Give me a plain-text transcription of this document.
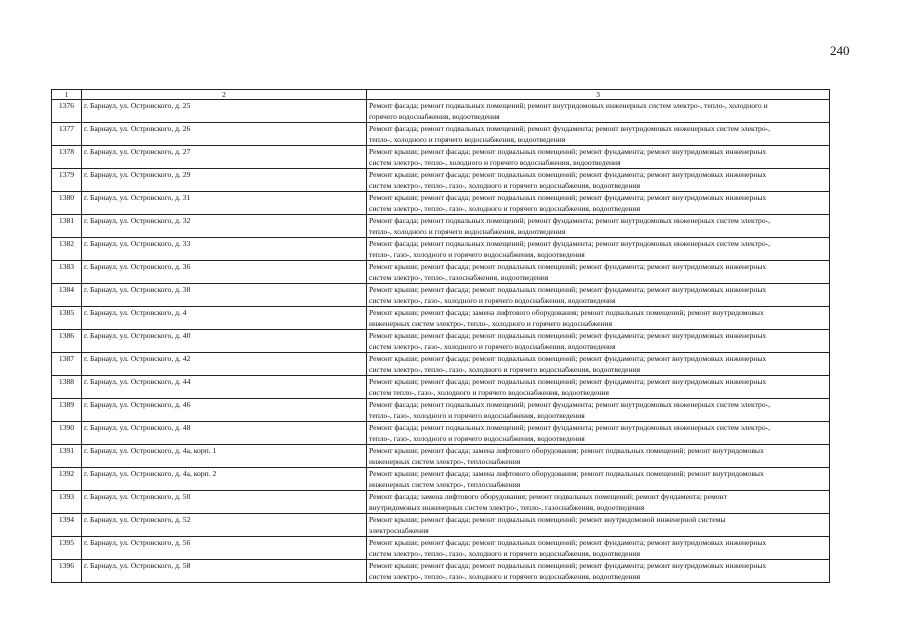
240
1	2	3
1376	г. Барнаул, ул. Островского, д. 25	Ремонт фасада; ремонт подвальных помещений; ремонт внутридомовых инженерных систем электро-, тепло-, холодного и
горячего водоснабжения, водоотведения

1377	г. Барнаул, ул. Островского, д. 26	Ремонт фасада; ремонт подвальных помещений; ремонт фундамента; ремонт внутридомовых инженерных систем электро-,
тепло-, холодного и горячего водоснабжения, водоотведения

1378	г. Барнаул, ул. Островского, д. 27	Ремонт крыши; ремонт фасада; ремонт подвальных помещений; ремонт фундамента; ремонт внутридомовых инженерных
систем электро-, тепло-, холодного и горячего водоснабжения, водоотведения

1379	г. Барнаул, ул. Островского, д. 29	Ремонт крыши; ремонт фасада; ремонт подвальных помещений; ремонт фундамента; ремонт внутридомовых инженерных
систем электро-, тепло-, газо-, холодного и горячего водоснабжения, водоотведения

1380	г. Барнаул, ул. Островского, д. 31	Ремонт крыши; ремонт фасада; ремонт подвальных помещений; ремонт фундамента; ремонт внутридомовых инженерных
систем электро-, тепло-, газо-, холодного и горячего водоснабжения, водоотведения

1381	г. Барнаул, ул. Островского, д. 32	Ремонт фасада; ремонт подвальных помещений; ремонт фундамента; ремонт внутридомовых инженерных систем электро-,
тепло-, холодного и горячего водоснабжения, водоотведения

1382	г. Барнаул, ул. Островского, д. 33	Ремонт фасада; ремонт подвальных помещений; ремонт фундамента; ремонт внутридомовых инженерных систем электро-,
тепло-, газо-, холодного и горячего водоснабжения, водоотведения

1383	г. Барнаул, ул. Островского, д. 36	Ремонт крыши; ремонт фасада; ремонт подвальных помещений; ремонт фундамента; ремонт внутридомовых инженерных
систем электро-, тепло-, газоснабжения, водоотведения

1384	г. Барнаул, ул. Островского, д. 38	Ремонт крыши; ремонт фасада; ремонт подвальных помещений; ремонт фундамента; ремонт внутридомовых инженерных
систем электро-, газо-, холодного и горячего водоснабжения, водоотведения

1385	г. Барнаул, ул. Островского, д. 4	Ремонт крыши; ремонт фасада; замена лифтового оборудования; ремонт подвальных помещений; ремонт внутридомовых
инженерных систем электро-, тепло-, холодного и горячего водоснабжения

1386	г. Барнаул, ул. Островского, д. 40	Ремонт крыши; ремонт фасада; ремонт подвальных помещений; ремонт фундамента; ремонт внутридомовых инженерных
систем электро-, газо-, холодного и горячего водоснабжения, водоотведения

1387	г. Барнаул, ул. Островского, д. 42	Ремонт крыши; ремонт фасада; ремонт подвальных помещений; ремонт фундамента; ремонт внутридомовых инженерных
систем электро-, тепло-, газо-, холодного и горячего водоснабжения, водоотведения

1388	г. Барнаул, ул. Островского, д. 44	Ремонт крыши; ремонт фасада; ремонт подвальных помещений; ремонт фундамента; ремонт внутридомовых инженерных
систем тепло-, газо-, холодного и горячего водоснабжения, водоотведения

1389	г. Барнаул, ул. Островского, д. 46	Ремонт фасада; ремонт подвальных помещений; ремонт фундамента; ремонт внутридомовых инженерных систем электро-,
тепло-, газо-, холодного и горячего водоснабжения, водоотведения

1390	г. Барнаул, ул. Островского, д. 48	Ремонт фасада; ремонт подвальных помещений; ремонт фундамента; ремонт внутридомовых инженерных систем электро-,
тепло-, газо-, холодного и горячего водоснабжения, водоотведения

1391	г. Барнаул, ул. Островского, д. 4а, корп. 1	Ремонт крыши; ремонт фасада; замена лифтового оборудования; ремонт подвальных помещений; ремонт внутридомовых
инженерных систем электро-, теплоснабжения

1392	г. Барнаул, ул. Островского, д. 4а, корп. 2	Ремонт крыши; ремонт фасада; замена лифтового оборудования; ремонт подвальных помещений; ремонт внутридомовых
инженерных систем электро-, теплоснабжения

1393	г. Барнаул, ул. Островского, д. 50	Ремонт фасада; замена лифтового оборудования; ремонт подвальных помещений; ремонт фундамента; ремонт
внутридомовых инженерных систем электро-, тепло-, газоснабжения, водоотведения

1394	г. Барнаул, ул. Островского, д. 52	Ремонт крыши; ремонт фасада; ремонт подвальных помещений; ремонт внутридомовой инженерной системы
электроснабжения

1395	г. Барнаул, ул. Островского, д. 56	Ремонт крыши; ремонт фасада; ремонт подвальных помещений; ремонт фундамента; ремонт внутридомовых инженерных
систем электро-, тепло-, газо-, холодного и горячего водоснабжения, водоотведения

1396	г. Барнаул, ул. Островского, д. 58	Ремонт крыши; ремонт фасада; ремонт подвальных помещений; ремонт фундамента; ремонт внутридомовых инженерных
систем электро-, тепло-, газо-, холодного и горячего водоснабжения, водоотведения
